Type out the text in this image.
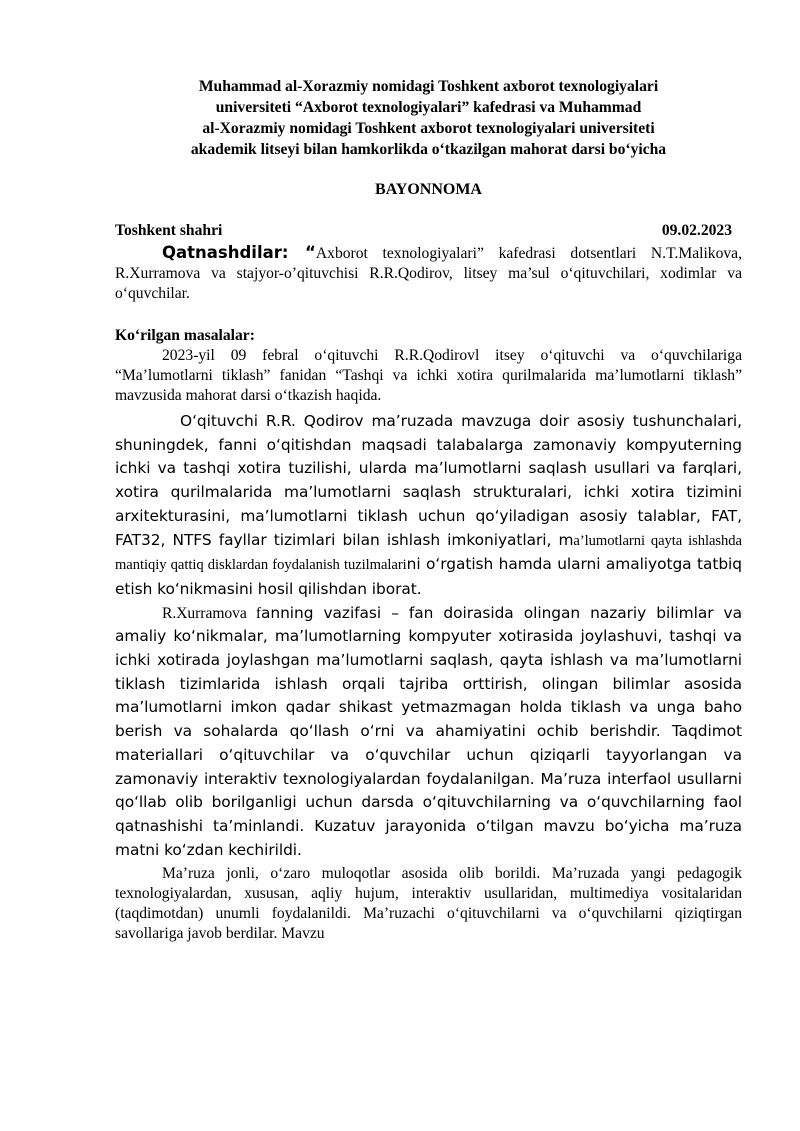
Muhammad al-Xorazmiy nomidagi Toshkent axborot texnologiyalari
universiteti “Axborot texnologiyalari” kafedrasi va Muhammad
al-Xorazmiy nomidagi Toshkent axborot texnologiyalari universiteti
akademik litseyi bilan hamkorlikda oʻtkazilgan mahorat darsi boʻyicha
BAYONNOMA
Toshkent shahri	09.02.2023

Qatnashdilar: “Axborot texnologiyalari” kafedrasi dotsentlari N.T.Malikova, R.Xurramova va stajyor-o’qituvchisi R.R.Qodirov, litsey ma’sul oʻqituvchilari, xodimlar va oʻquvchilar.

Koʻrilgan masalalar:

2023-yil 09 febral oʻqituvchi R.R.Qodirovl itsey oʻqituvchi va oʻquvchilariga “Ma’lumotlarni tiklash” fanidan “Tashqi va ichki xotira qurilmalarida ma’lumotlarni tiklash” mavzusida mahorat darsi oʻtkazish haqida.

Oʻqituvchi R.R. Qodirov ma’ruzada mavzuga doir asosiy tushunchalari, shuningdek, fanni oʻqitishdan maqsadi talabalarga zamonaviy kompyuterning ichki va tashqi xotira tuzilishi, ularda ma’lumotlarni saqlash usullari va farqlari, xotira qurilmalarida ma’lumotlarni saqlash strukturalari, ichki xotira tizimini arxitekturasini, ma’lumotlarni tiklash uchun qoʻyiladigan asosiy talablar, FAT, FAT32, NTFS fayllar tizimlari bilan ishlash imkoniyatlari, ma’lumotlarni qayta ishlashda mantiqiy qattiq disklardan foydalanish tuzilmalarini oʻrgatish hamda ularni amaliyotga tatbiq etish koʻnikmasini hosil qilishdan iborat.

R.Xurramova fanning vazifasi – fan doirasida olingan nazariy bilimlar va amaliy koʻnikmalar, ma’lumotlarning kompyuter xotirasida joylashuvi, tashqi va ichki xotirada joylashgan ma’lumotlarni saqlash, qayta ishlash va ma’lumotlarni tiklash tizimlarida ishlash orqali tajriba orttirish, olingan bilimlar asosida ma’lumotlarni imkon qadar shikast yetmazmagan holda tiklash va unga baho berish va sohalarda qoʻllash oʻrni va ahamiyatini ochib berishdir. Taqdimot materiallari oʻqituvchilar va oʻquvchilar uchun qiziqarli tayyorlangan va zamonaviy interaktiv texnologiyalardan foydalanilgan. Ma’ruza interfaol usullarni qoʻllab olib borilganligi uchun darsda oʻqituvchilarning va oʻquvchilarning faol qatnashishi ta’minlandi. Kuzatuv jarayonida oʻtilgan mavzu boʻyicha ma’ruza matni koʻzdan kechirildi.

Ma’ruza jonli, oʻzaro muloqotlar asosida olib borildi. Ma’ruzada yangi pedagogik texnologiyalardan, xususan, aqliy hujum, interaktiv usullaridan, multimediya vositalaridan (taqdimotdan) unumli foydalanildi. Ma’ruzachi oʻqituvchilarni va oʻquvchilarni qiziqtirgan savollariga javob berdilar. Mavzu
